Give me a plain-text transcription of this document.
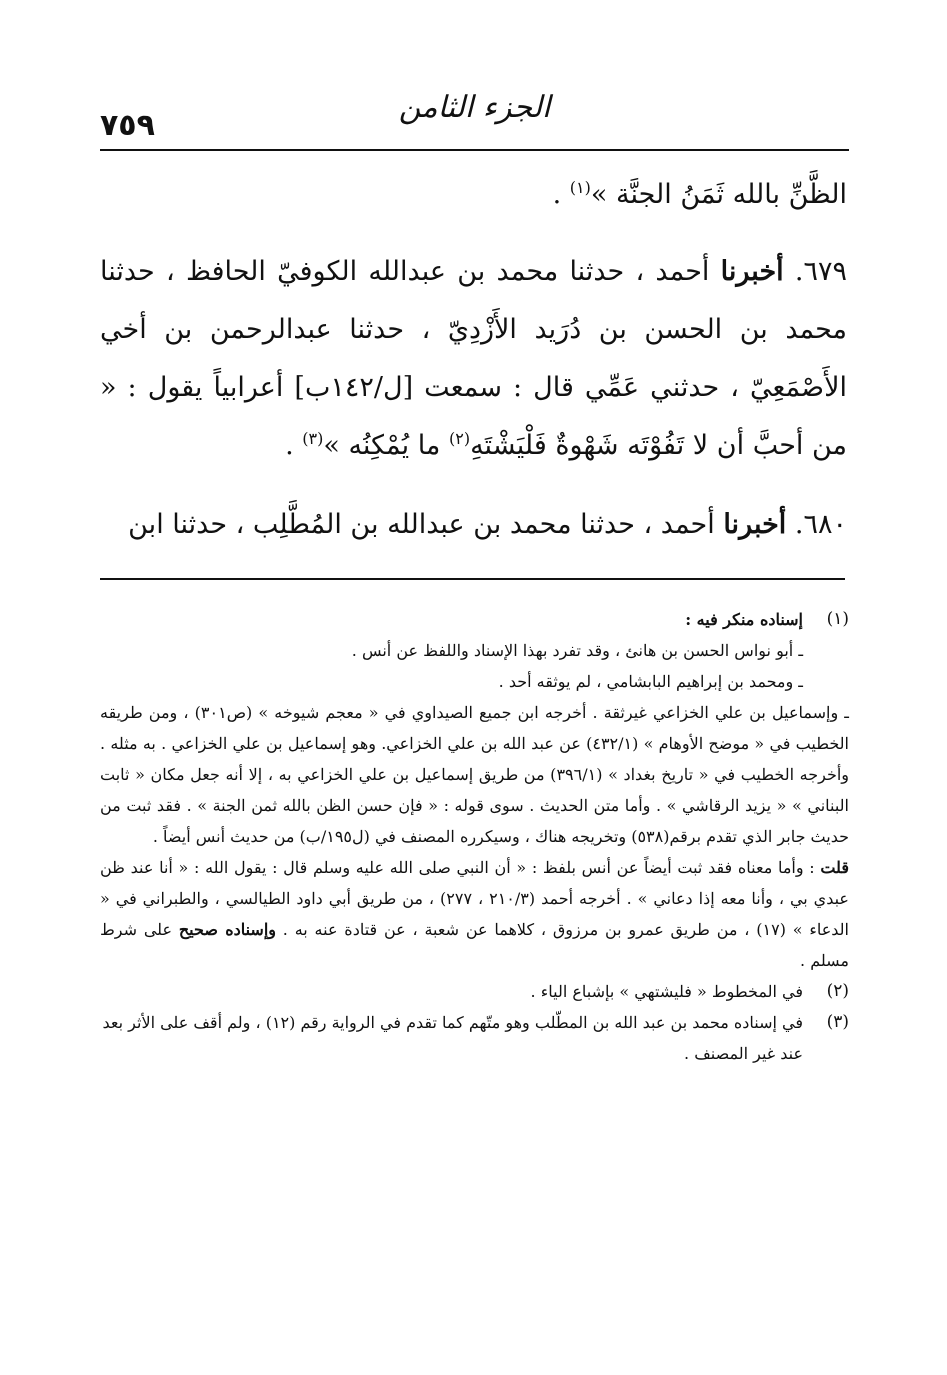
الجزء الثامن
٧٥٩
الظَّنِّ بالله ثَمَنُ الجنَّة »$^{(١)}$ .
٦٧٩. أخبرنا أحمد ، حدثنا محمد بن عبدالله الكوفيّ الحافظ ، حدثنا محمد بن الحسن بن دُرَيد الأَزْدِيّ ، حدثنا عبدالرحمن بن أخي الأَصْمَعِيّ ، حدثني عَمِّي قال : سمعت [ل/١٤٢ب] أعرابياً يقول : « من أحبَّ أن لا تَفُوْتَه شَهْوةٌ فَلْيَشْتَهِ$^{(٢)}$ ما يُمْكِنُه »$^{(٣)}$ .
٦٨٠. أخبرنا أحمد ، حدثنا محمد بن عبدالله بن المُطَّلِب ، حدثنا ابن
(١)
إسناده منكر فيه :
ـ أبو نواس الحسن بن هانئ ، وقد تفرد بهذا الإسناد واللفظ عن أنس .
ـ ومحمد بن إبراهيم البابشامي ، لم يوثقه أحد .
ـ وإسماعيل بن علي الخزاعي غيرثقة . أخرجه ابن جميع الصيداوي في « معجم شيوخه » (ص٣٠١) ، ومن طريقه الخطيب في « موضح الأوهام » (٤٣٢/١) عن عبد الله بن علي الخزاعي. وهو إسماعيل بن علي الخزاعي . به مثله . وأخرجه الخطيب في « تاريخ بغداد » (٣٩٦/١) من طريق إسماعيل بن علي الخزاعي به ، إلا أنه جعل مكان « ثابت البناني » « يزيد الرقاشي » . وأما متن الحديث . سوى قوله : « فإن حسن الظن بالله ثمن الجنة » . فقد ثبت من حديث جابر الذي تقدم برقم(٥٣٨) وتخريجه هناك ، وسيكرره المصنف في (ل١٩٥/ب) من حديث أنس أيضاً .
قلت : وأما معناه فقد ثبت أيضاً عن أنس بلفظ : « أن النبي صلى الله عليه وسلم قال : يقول الله : « أنا عند ظن عبدي بي ، وأنا معه إذا دعاني » . أخرجه أحمد (٢١٠/٣ ، ٢٧٧) ، من طريق أبي داود الطيالسي ، والطبراني في « الدعاء » (١٧) ، من طريق عمرو بن مرزوق ، كلاهما عن شعبة ، عن قتادة عنه به . وإسناده صحيح على شرط مسلم .
(٢)
في المخطوط « فليشتهي » بإشباع الياء .
(٣)
في إسناده محمد بن عبد الله بن المطّلب وهو متّهم كما تقدم في الرواية رقم (١٢) ، ولم أقف على الأثر بعد عند غير المصنف .
